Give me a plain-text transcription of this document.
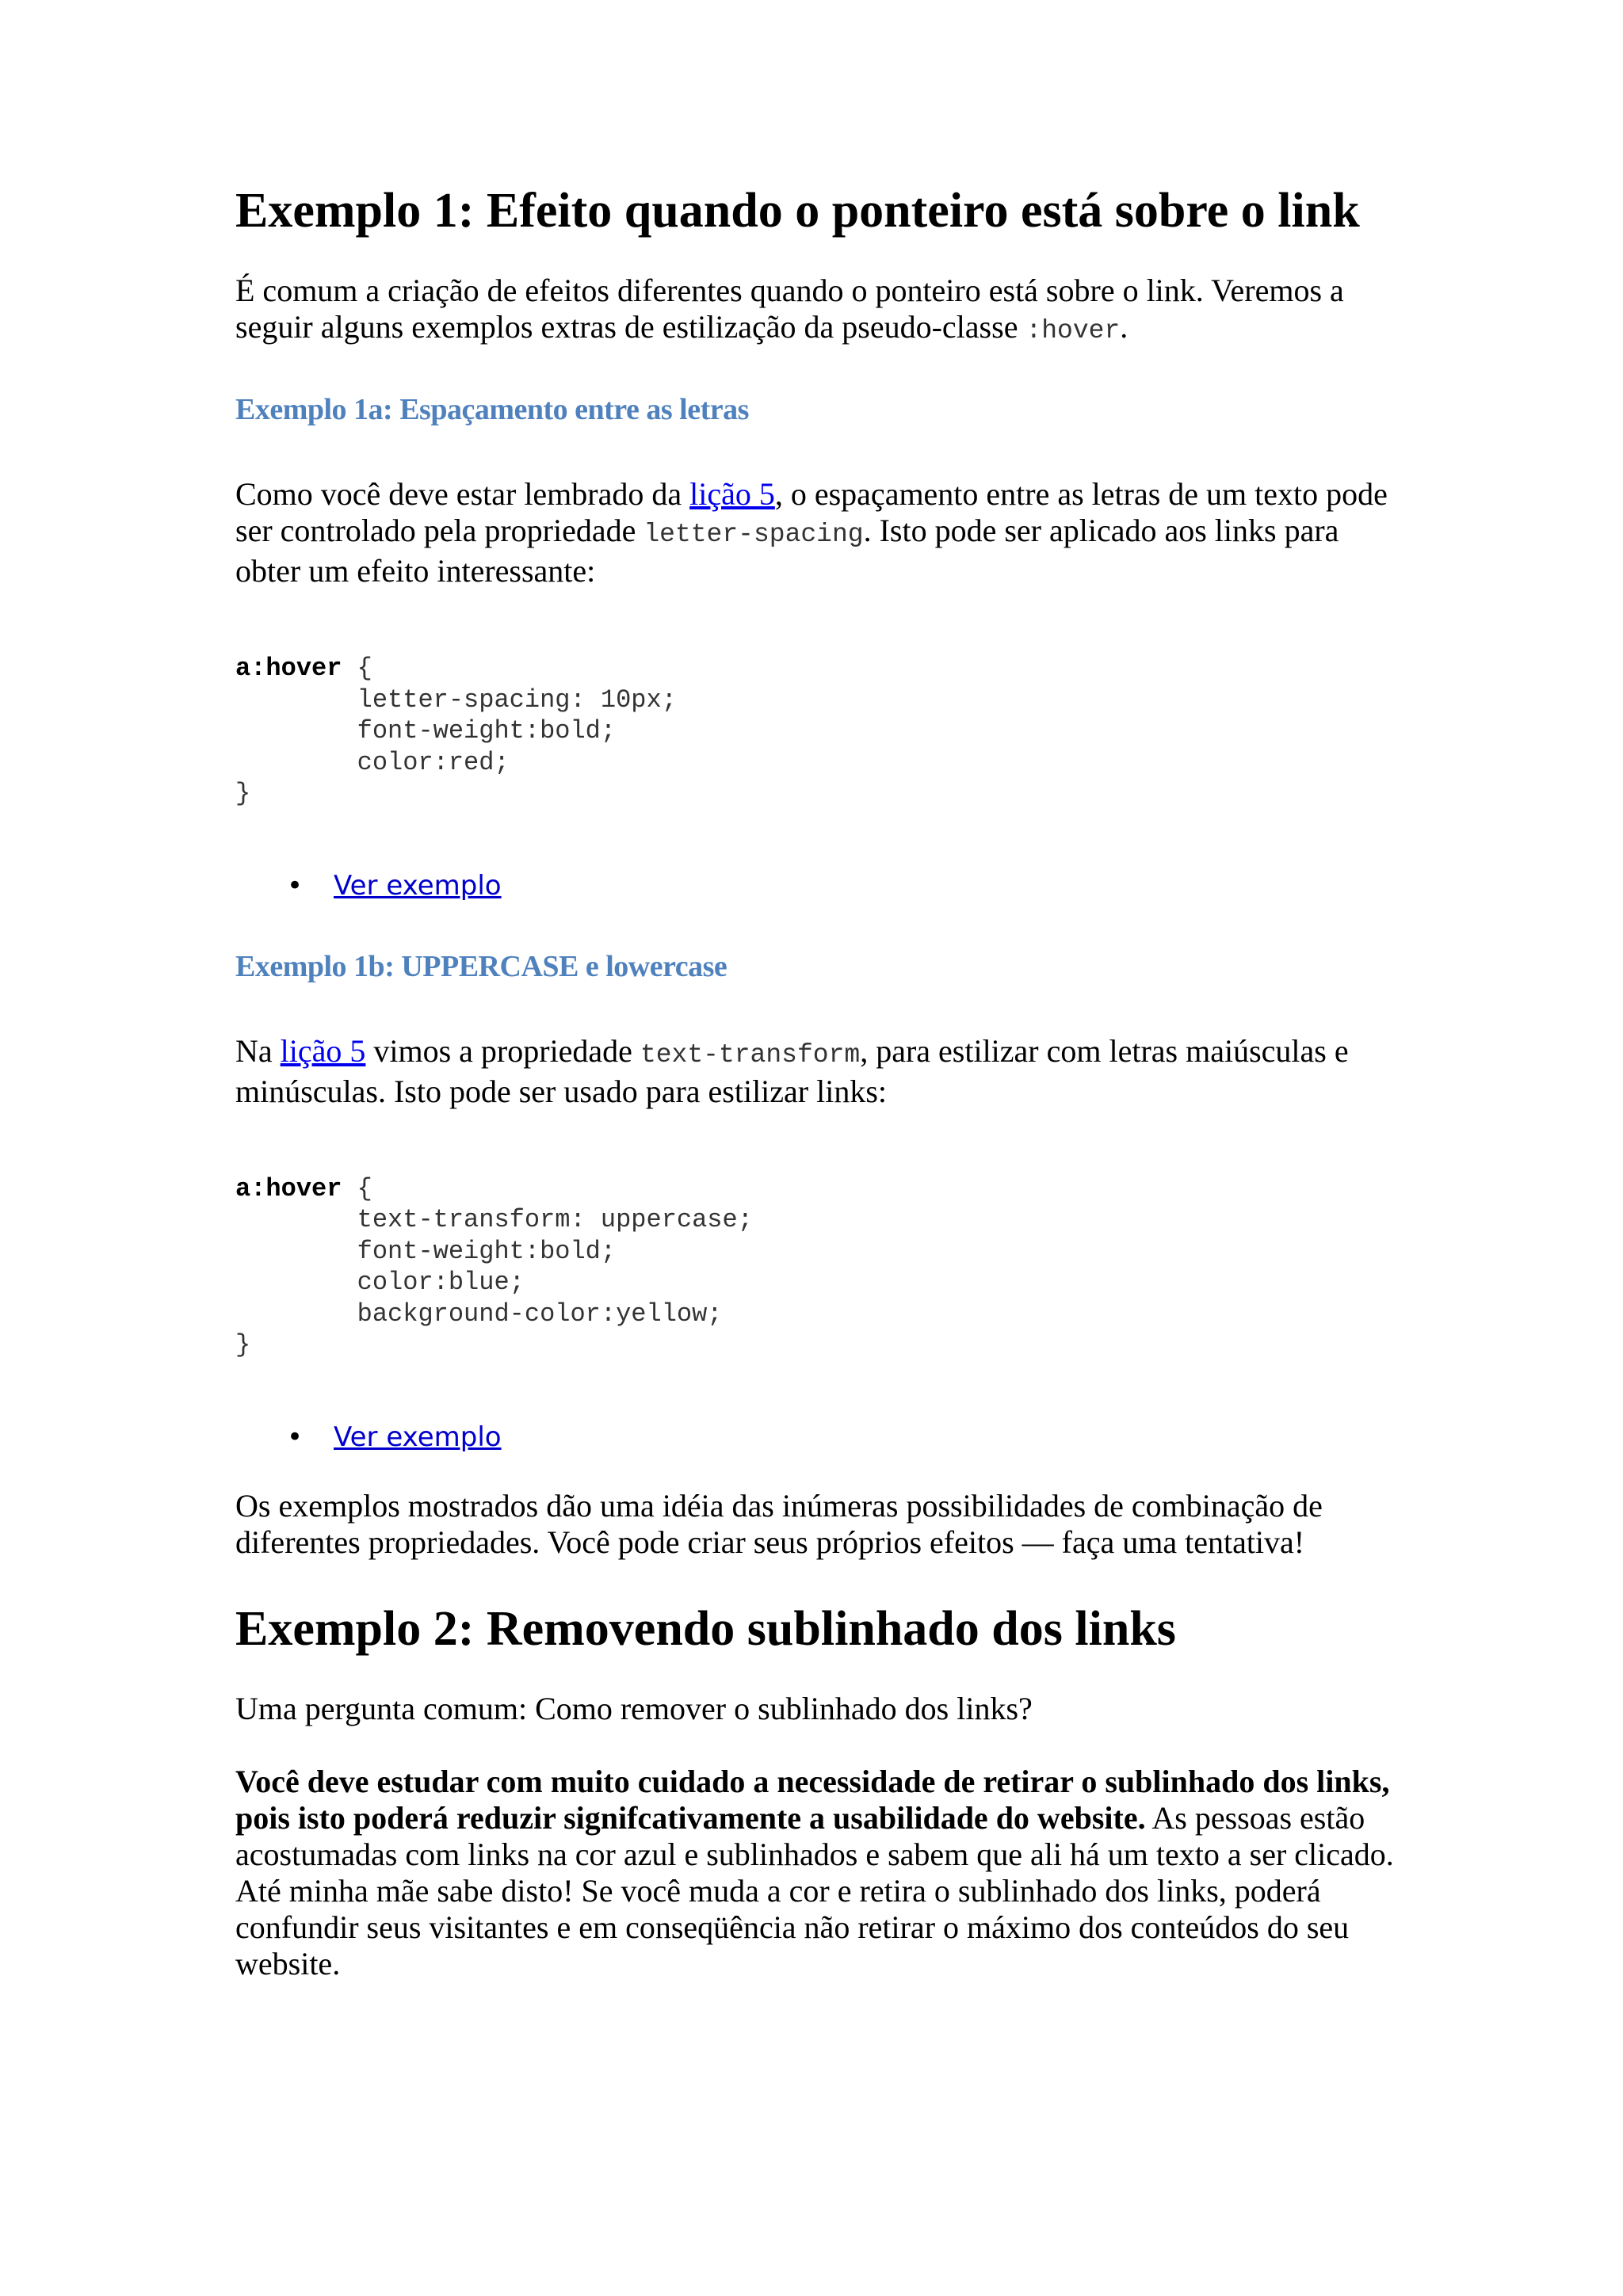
Exemplo 1: Efeito quando o ponteiro está sobre o link

É comum a criação de efeitos diferentes quando o ponteiro está sobre o link. Veremos a seguir alguns exemplos extras de estilização da pseudo-classe :hover.

Exemplo 1a: Espaçamento entre as letras

Como você deve estar lembrado da lição 5, o espaçamento entre as letras de um texto pode ser controlado pela propriedade letter-spacing. Isto pode ser aplicado aos links para obter um efeito interessante:

a:hover {
letter-spacing: 10px;
font-weight:bold;
color:red;
}
• Ver exemplo
Exemplo 1b: UPPERCASE e lowercase

Na lição 5 vimos a propriedade text-transform, para estilizar com letras maiúsculas e minúsculas. Isto pode ser usado para estilizar links:

a:hover {
text-transform: uppercase;
font-weight:bold;
color:blue;
background-color:yellow;
}
• Ver exemplo

Os exemplos mostrados dão uma idéia das inúmeras possibilidades de combinação de diferentes propriedades. Você pode criar seus próprios efeitos — faça uma tentativa!

Exemplo 2: Removendo sublinhado dos links

Uma pergunta comum: Como remover o sublinhado dos links?

Você deve estudar com muito cuidado a necessidade de retirar o sublinhado dos links, pois isto poderá reduzir signifcativamente a usabilidade do website. As pessoas estão acostumadas com links na cor azul e sublinhados e sabem que ali há um texto a ser clicado. Até minha mãe sabe disto! Se você muda a cor e retira o sublinhado dos links, poderá confundir seus visitantes e em conseqüência não retirar o máximo dos conteúdos do seu website.
